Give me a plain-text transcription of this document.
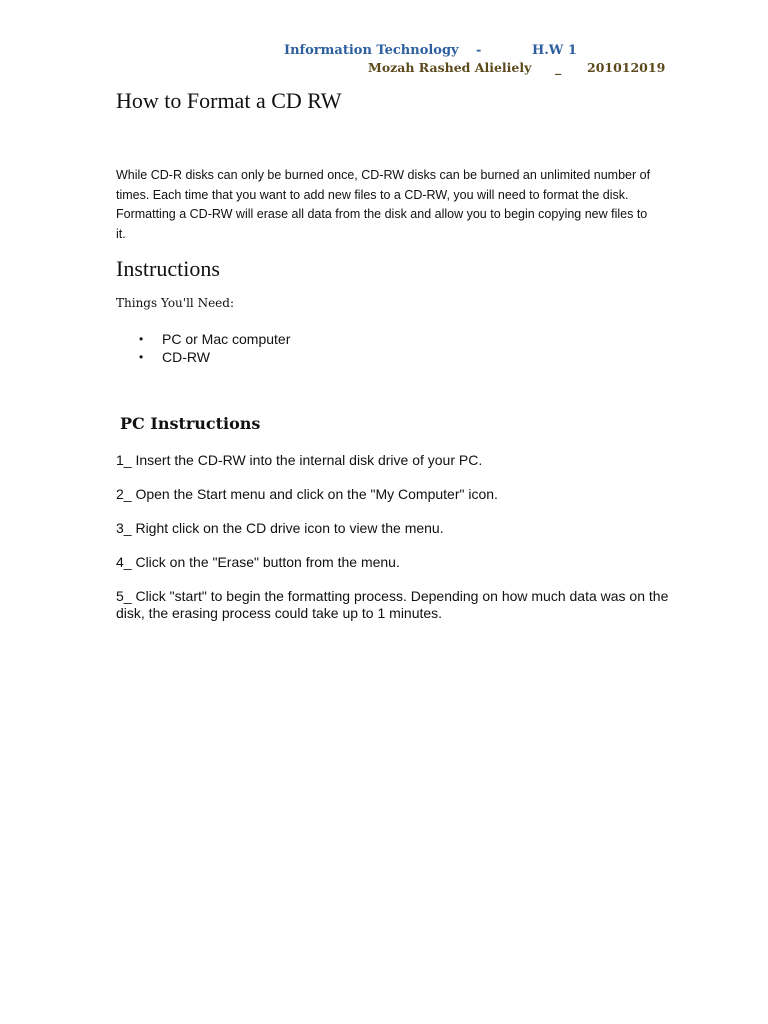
Information Technology -	H.W 1
Mozah Rashed Alieliely _ 201012019
How to Format a CD RW

While CD-R disks can only be burned once, CD-RW disks can be burned an unlimited number of times. Each time that you want to add new files to a CD-RW, you will need to format the disk. Formatting a CD-RW will erase all data from the disk and allow you to begin copying new files to it.

Instructions
Things You'll Need:
• PC or Mac computer
• CD-RW
PC Instructions
1_ Insert the CD-RW into the internal disk drive of your PC.
2_ Open the Start menu and click on the "My Computer" icon.
3_ Right click on the CD drive icon to view the menu.
4_ Click on the "Erase" button from the menu.
5_ Click "start" to begin the formatting process. Depending on how much data was on the disk, the erasing process could take up to 1 minutes.
